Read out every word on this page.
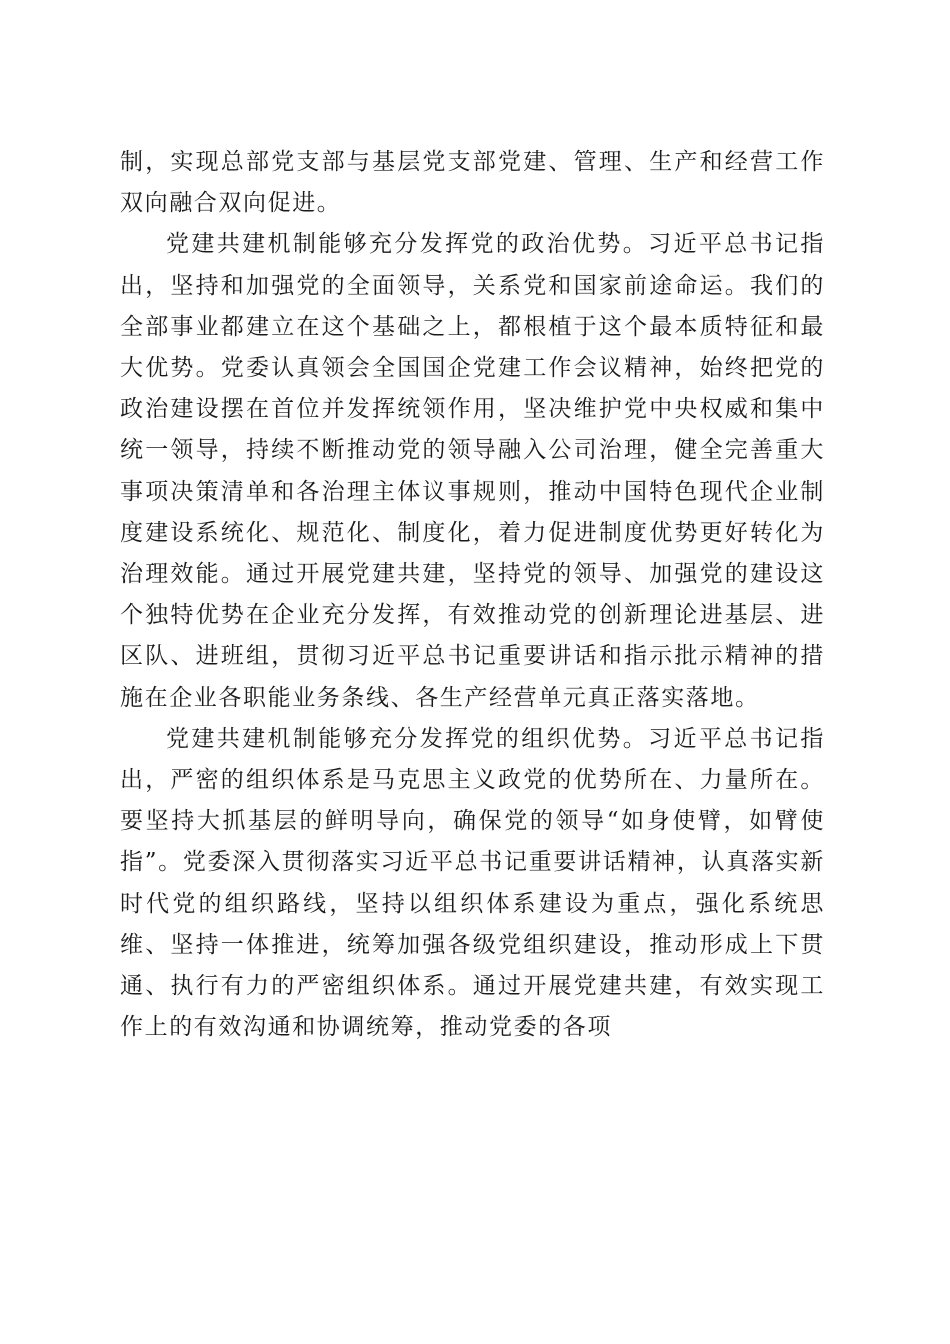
制，实现总部党支部与基层党支部党建、管理、生产和经营工作双向融合双向促进。

党建共建机制能够充分发挥党的政治优势。习近平总书记指出，坚持和加强党的全面领导，关系党和国家前途命运。我们的全部事业都建立在这个基础之上，都根植于这个最本质特征和最大优势。党委认真领会全国国企党建工作会议精神，始终把党的政治建设摆在首位并发挥统领作用，坚决维护党中央权威和集中统一领导，持续不断推动党的领导融入公司治理，健全完善重大事项决策清单和各治理主体议事规则，推动中国特色现代企业制度建设系统化、规范化、制度化，着力促进制度优势更好转化为治理效能。通过开展党建共建，坚持党的领导、加强党的建设这个独特优势在企业充分发挥，有效推动党的创新理论进基层、进区队、进班组，贯彻习近平总书记重要讲话和指示批示精神的措施在企业各职能业务条线、各生产经营单元真正落实落地。

党建共建机制能够充分发挥党的组织优势。习近平总书记指出，严密的组织体系是马克思主义政党的优势所在、力量所在。要坚持大抓基层的鲜明导向，确保党的领导“如身使臂，如臂使指”。党委深入贯彻落实习近平总书记重要讲话精神，认真落实新时代党的组织路线，坚持以组织体系建设为重点，强化系统思维、坚持一体推进，统筹加强各级党组织建设，推动形成上下贯通、执行有力的严密组织体系。通过开展党建共建，有效实现工作上的有效沟通和协调统筹，推动党委的各项
